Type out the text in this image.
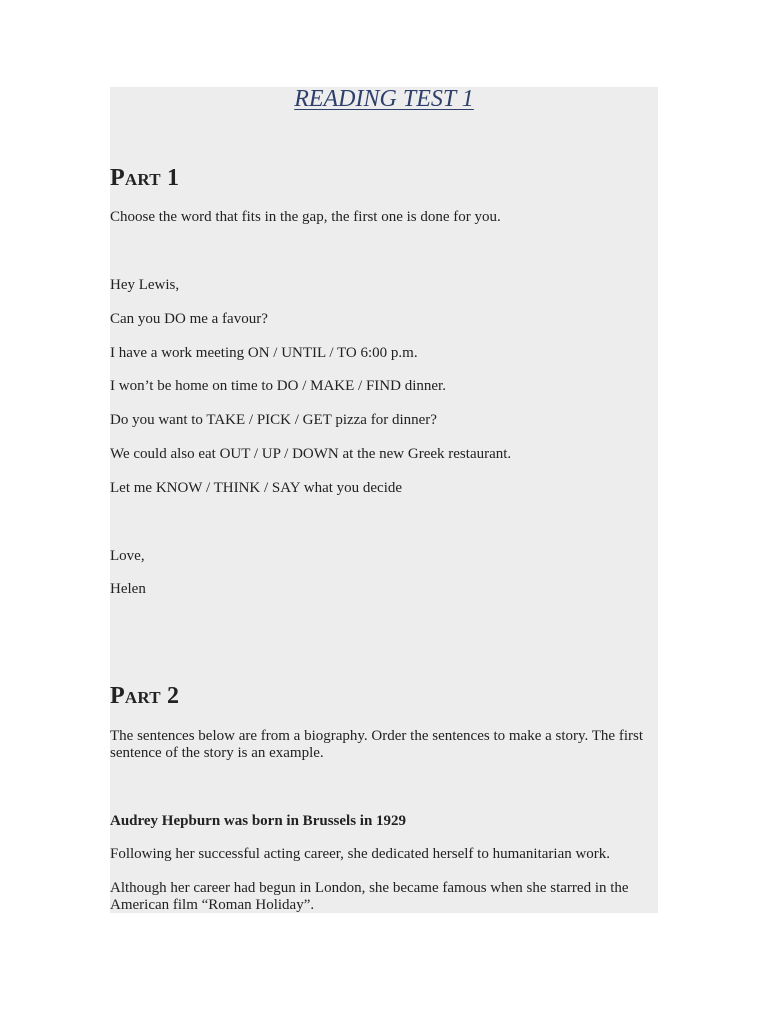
READING TEST 1
Part 1

Choose the word that fits in the gap, the first one is done for you.

Hey Lewis,

Can you DO me a favour?

I have a work meeting ON / UNTIL / TO 6:00 p.m.

I won’t be home on time to DO / MAKE / FIND dinner.

Do you want to TAKE / PICK / GET pizza for dinner?

We could also eat OUT / UP / DOWN at the new Greek restaurant.

Let me KNOW / THINK / SAY what you decide

Love,

Helen

Part 2

The sentences below are from a biography. Order the sentences to make a story. The first sentence of the story is an example.

Audrey Hepburn was born in Brussels in 1929

Following her successful acting career, she dedicated herself to humanitarian work.

Although her career had begun in London, she became famous when she starred in the American film “Roman Holiday”.
